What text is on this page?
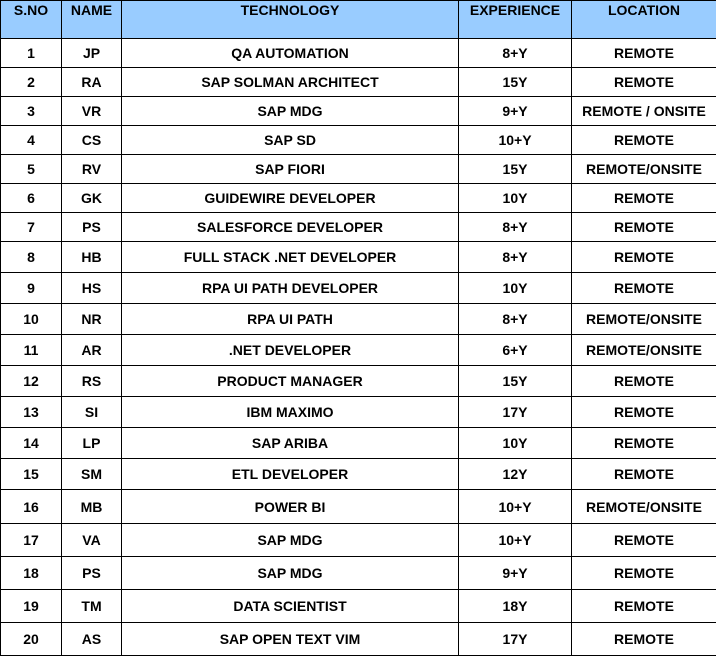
S.NO	NAME	TECHNOLOGY	EXPERIENCE	LOCATION
1	JP	QA AUTOMATION	8+Y	REMOTE
2	RA	SAP SOLMAN ARCHITECT	15Y	REMOTE
3	VR	SAP MDG	9+Y	REMOTE / ONSITE
4	CS	SAP SD	10+Y	REMOTE
5	RV	SAP FIORI	15Y	REMOTE/ONSITE
6	GK	GUIDEWIRE DEVELOPER	10Y	REMOTE
7	PS	SALESFORCE DEVELOPER	8+Y	REMOTE
8	HB	FULL STACK .NET DEVELOPER	8+Y	REMOTE
9	HS	RPA UI PATH DEVELOPER	10Y	REMOTE
10	NR	RPA UI PATH	8+Y	REMOTE/ONSITE
11	AR	.NET DEVELOPER	6+Y	REMOTE/ONSITE
12	RS	PRODUCT MANAGER	15Y	REMOTE
13	SI	IBM MAXIMO	17Y	REMOTE
14	LP	SAP ARIBA	10Y	REMOTE
15	SM	ETL DEVELOPER	12Y	REMOTE
16	MB	POWER BI	10+Y	REMOTE/ONSITE
17	VA	SAP MDG	10+Y	REMOTE
18	PS	SAP MDG	9+Y	REMOTE
19	TM	DATA SCIENTIST	18Y	REMOTE
20	AS	SAP OPEN TEXT VIM	17Y	REMOTE
